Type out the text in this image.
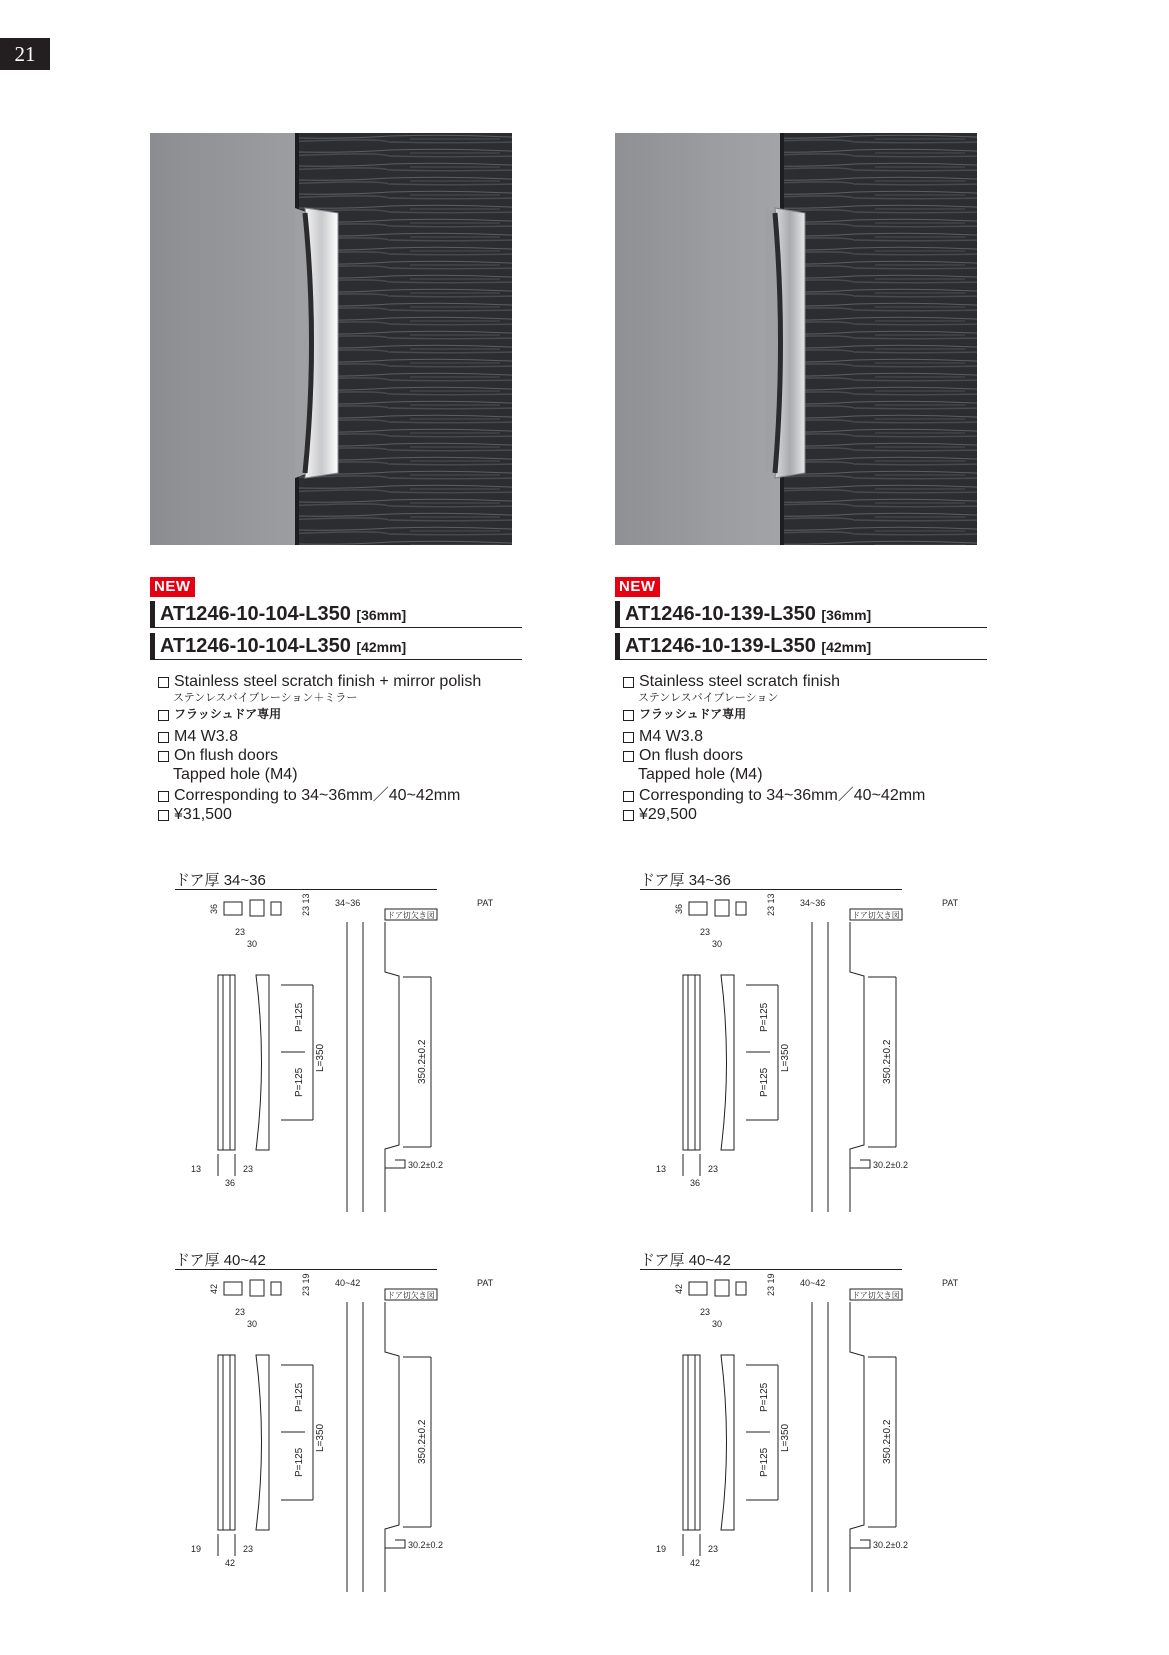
21
NEW
AT1246-10-104-L350 [36mm]
AT1246-10-104-L350 [42mm]
Stainless steel scratch finish + mirror polish
ステンレスバイブレーション＋ミラー
フラッシュドア専用
M4 W3.8
On flush doors
Tapped hole (M4)
Corresponding to 34~36mm／40~42mm
¥31,500
ドア厚 34~36
PAT
36	23 13
23
30
34~36
ドア切欠き図
P=125
P=125
L=350	350.2±0.2
30.2±0.2
13	23
36
ドア厚 40~42
PAT
42	23 19
23
30
40~42
ドア切欠き図
P=125
P=125
L=350	350.2±0.2
30.2±0.2
19	23
42
NEW
AT1246-10-139-L350 [36mm]
AT1246-10-139-L350 [42mm]
Stainless steel scratch finish
ステンレスバイブレーション
フラッシュドア専用
M4 W3.8
On flush doors
Tapped hole (M4)
Corresponding to 34~36mm／40~42mm
¥29,500
ドア厚 34~36
PAT
36	23 13
23
30
34~36
ドア切欠き図
P=125
P=125
L=350	350.2±0.2
30.2±0.2
13	23
36
ドア厚 40~42
PAT
42	23 19
23
30
40~42
ドア切欠き図
P=125
P=125
L=350	350.2±0.2
30.2±0.2
19	23
42
